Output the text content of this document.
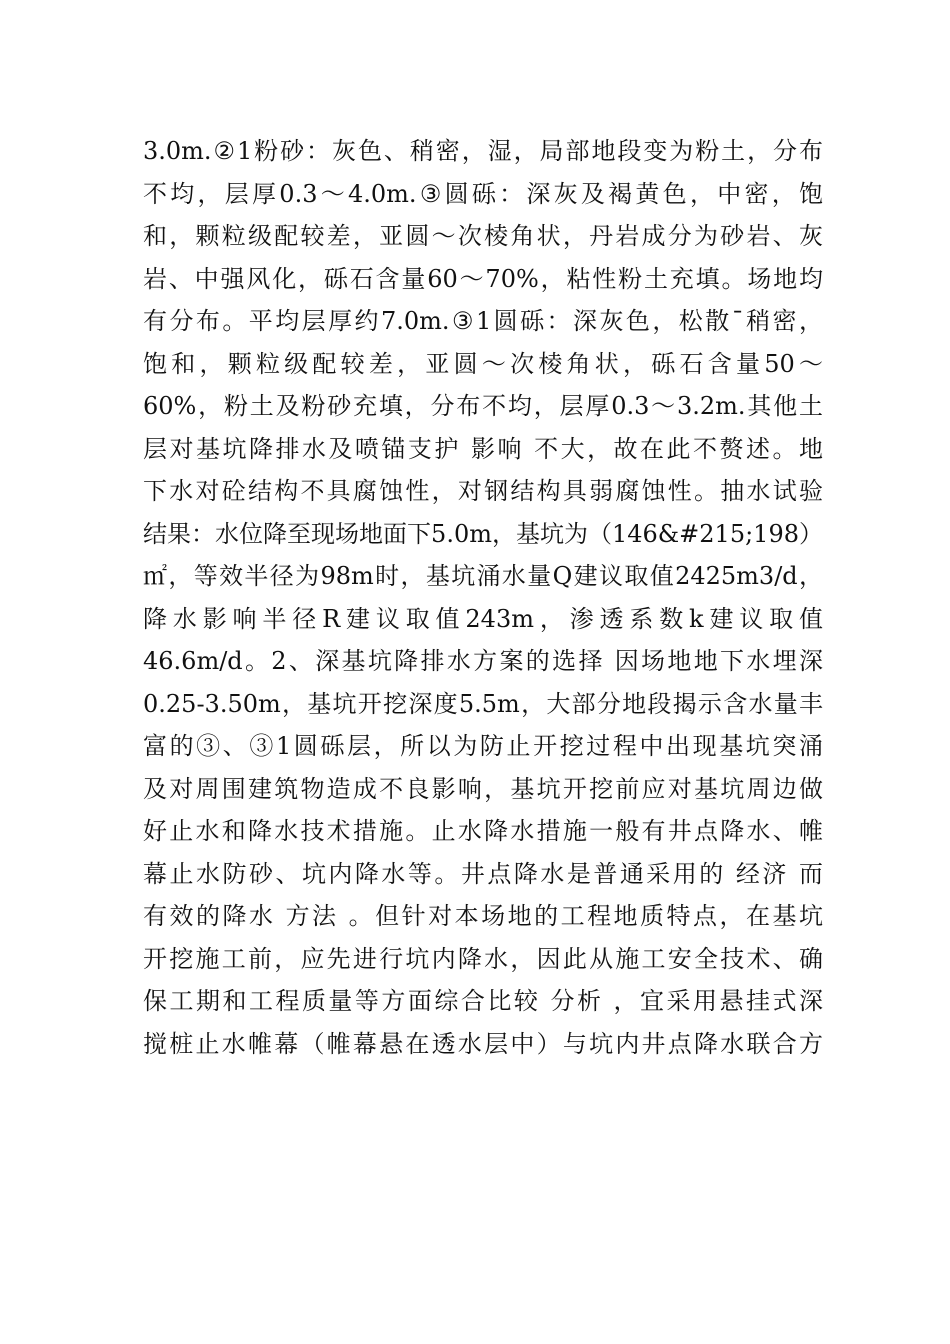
3.0m.②1粉砂：灰色、稍密，湿，局部地段变为粉土，分布
不均，层厚0.3～4.0m.③圆砾：深灰及褐黄色，中密，饱
和，颗粒级配较差，亚圆～次棱角状，丹岩成分为砂岩、灰
岩、中强风化，砾石含量60～70%，粘性粉土充填。场地均
有分布。平均层厚约7.0m.③1圆砾：深灰色，松散¯稍密，
饱和，颗粒级配较差，亚圆～次棱角状，砾石含量50～
60%，粉土及粉砂充填，分布不均，层厚0.3～3.2m.其他土
层对基坑降排水及喷锚支护 影响 不大，故在此不赘述。地
下水对砼结构不具腐蚀性，对钢结构具弱腐蚀性。抽水试验
结果：水位降至现场地面下5.0m，基坑为（146&#215;198）
㎡，等效半径为98m时，基坑涌水量Q建议取值2425m3/d，
降水影响半径R建议取值243m，渗透系数k建议取值
46.6m/d。2、深基坑降排水方案的选择 因场地地下水埋深
0.25-3.50m，基坑开挖深度5.5m，大部分地段揭示含水量丰
富的③、③1圆砾层，所以为防止开挖过程中出现基坑突涌
及对周围建筑物造成不良影响，基坑开挖前应对基坑周边做
好止水和降水技术措施。止水降水措施一般有井点降水、帷
幕止水防砂、坑内降水等。井点降水是普通采用的 经济 而
有效的降水 方法 。但针对本场地的工程地质特点，在基坑
开挖施工前，应先进行坑内降水，因此从施工安全技术、确
保工期和工程质量等方面综合比较 分析 ，宜采用悬挂式深
搅桩止水帷幕（帷幕悬在透水层中）与坑内井点降水联合方
